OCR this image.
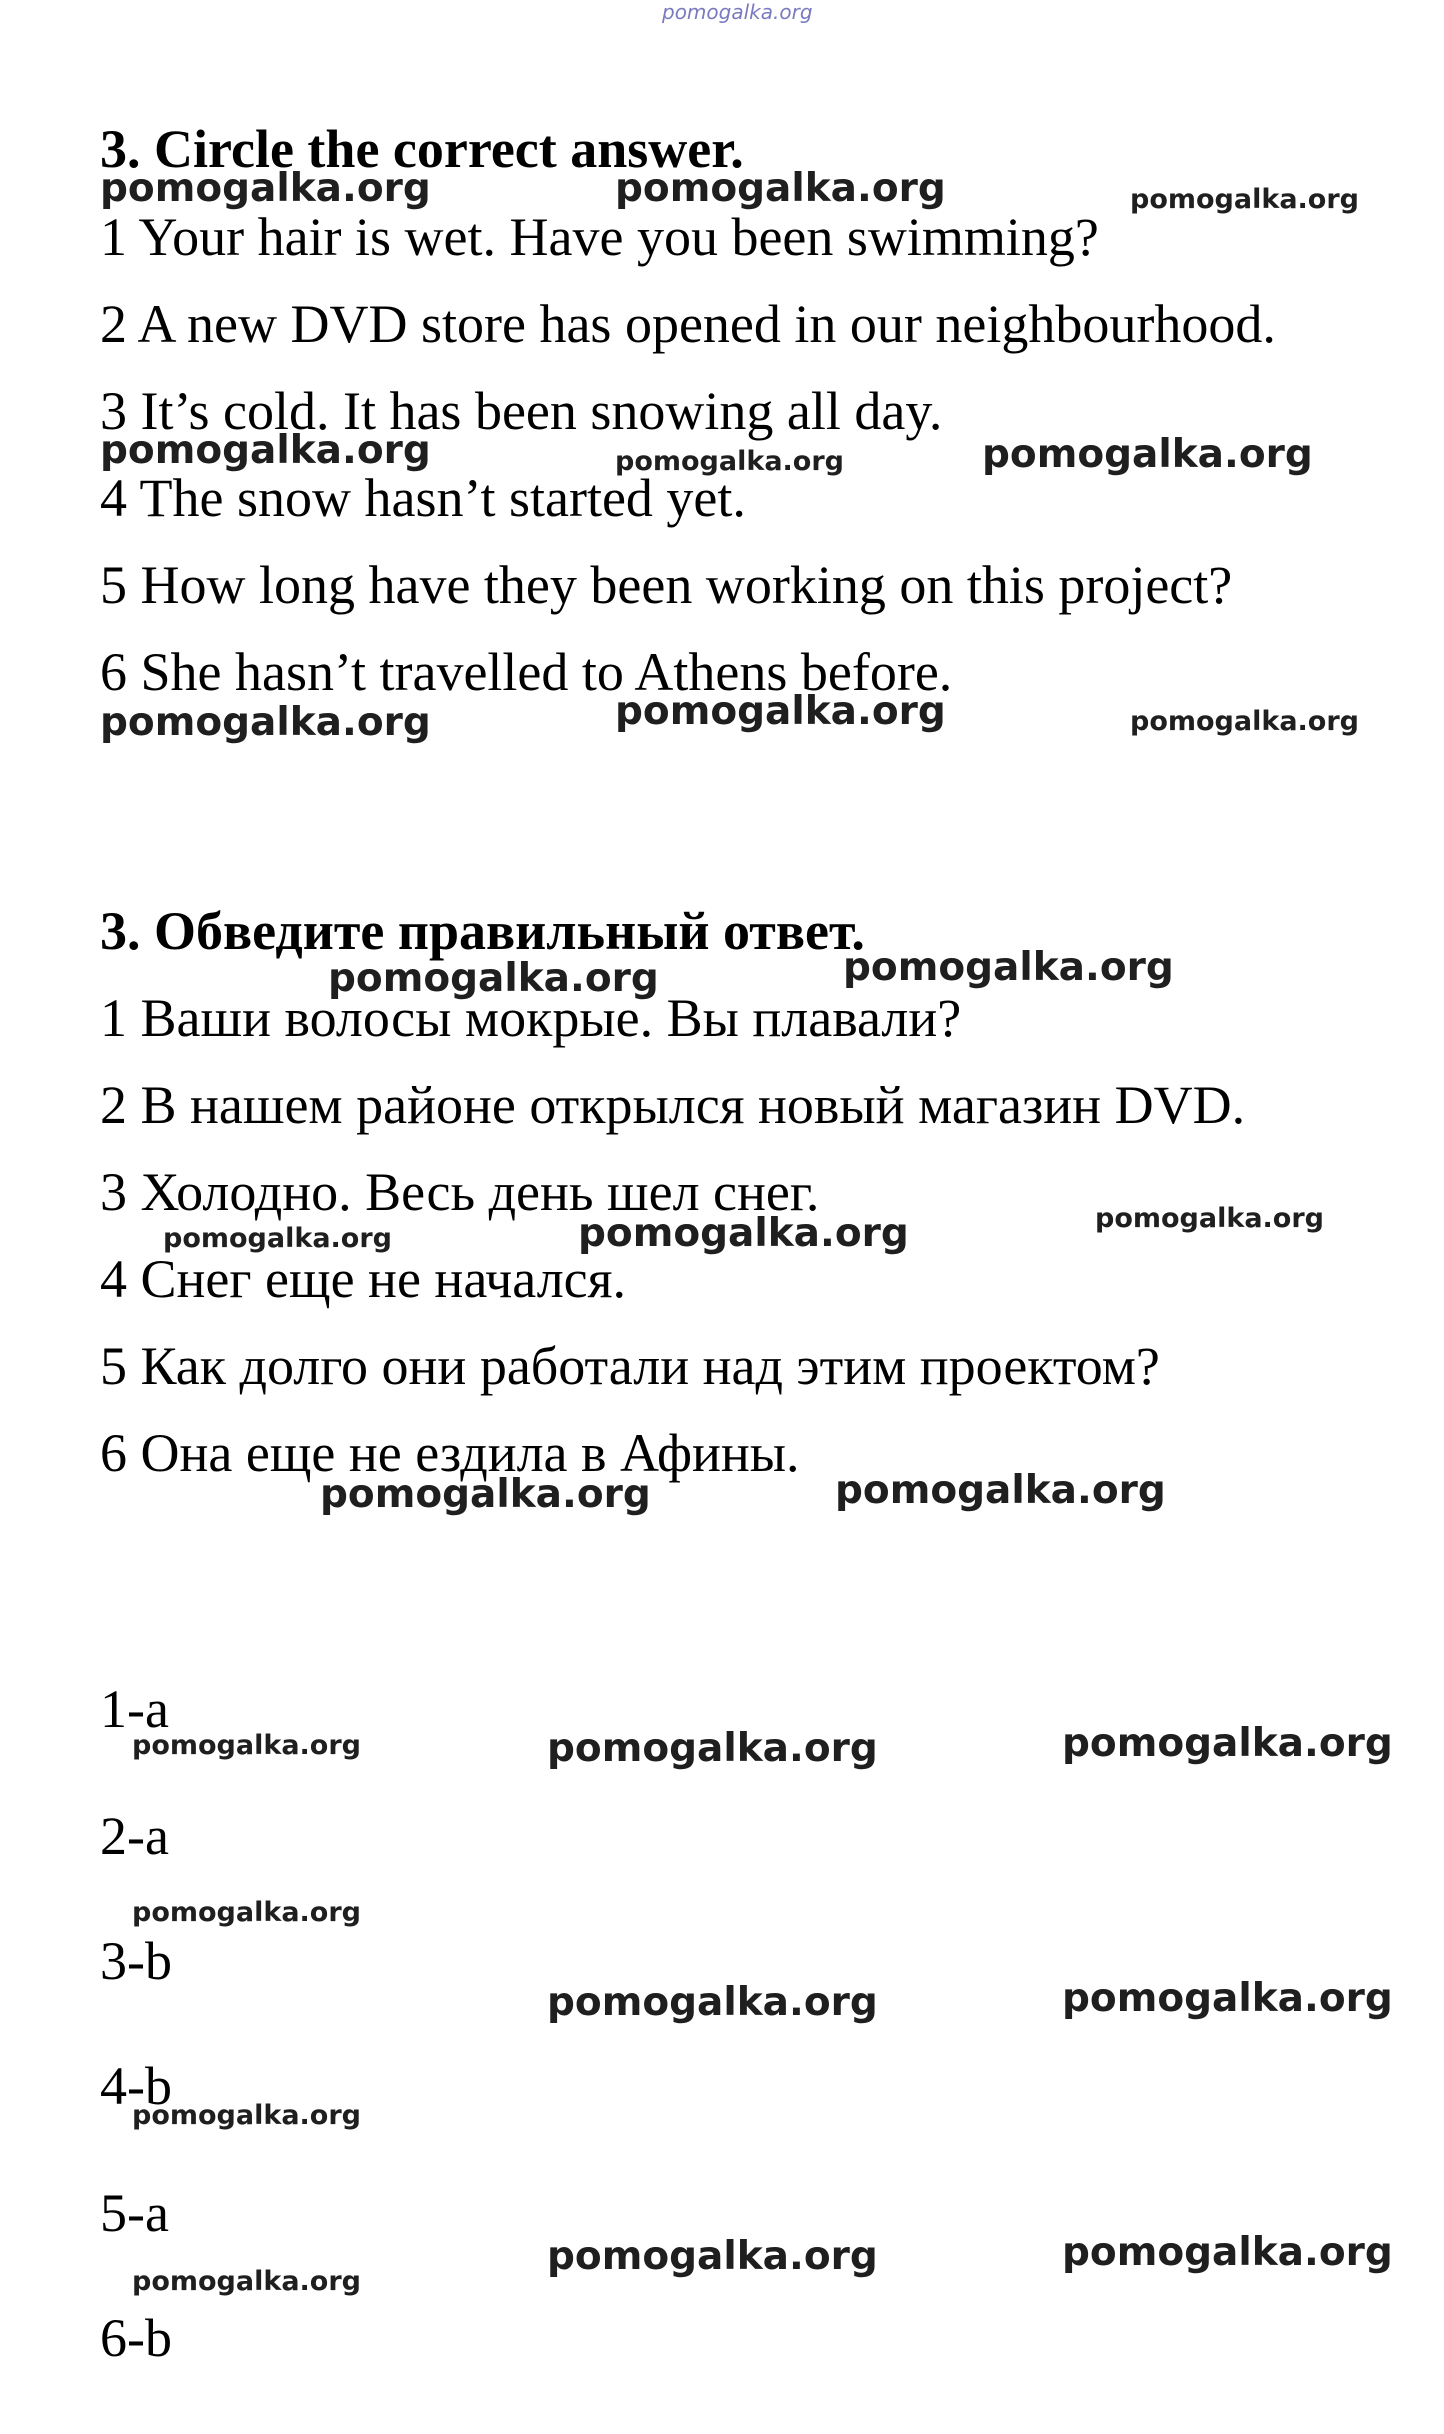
pomogalka.org
3. Circle the correct answer.
1 Your hair is wet. Have you been swimming?
2 A new DVD store has opened in our neighbourhood.
3 It’s cold. It has been snowing all day.
4 The snow hasn’t started yet.
5 How long have they been working on this project?
6 She hasn’t travelled to Athens before.
3. Обведите правильный ответ.
1 Ваши волосы мокрые. Вы плавали?
2 В нашем районе открылся новый магазин DVD.
3 Холодно. Весь день шел снег.
4 Снег еще не начался.
5 Как долго они работали над этим проектом?
6 Она еще не ездила в Афины.
1-a
2-a
3-b
4-b
5-a
6-b
pomogalka.org	pomogalka.org	pomogalka.org
pomogalka.org	pomogalka.org	pomogalka.org
pomogalka.org	pomogalka.org	pomogalka.org
pomogalka.org	pomogalka.org
pomogalka.org	pomogalka.org	pomogalka.org
pomogalka.org	pomogalka.org
pomogalka.org	pomogalka.org	pomogalka.org
pomogalka.org
pomogalka.org	pomogalka.org
pomogalka.org
pomogalka.org	pomogalka.org
pomogalka.org
